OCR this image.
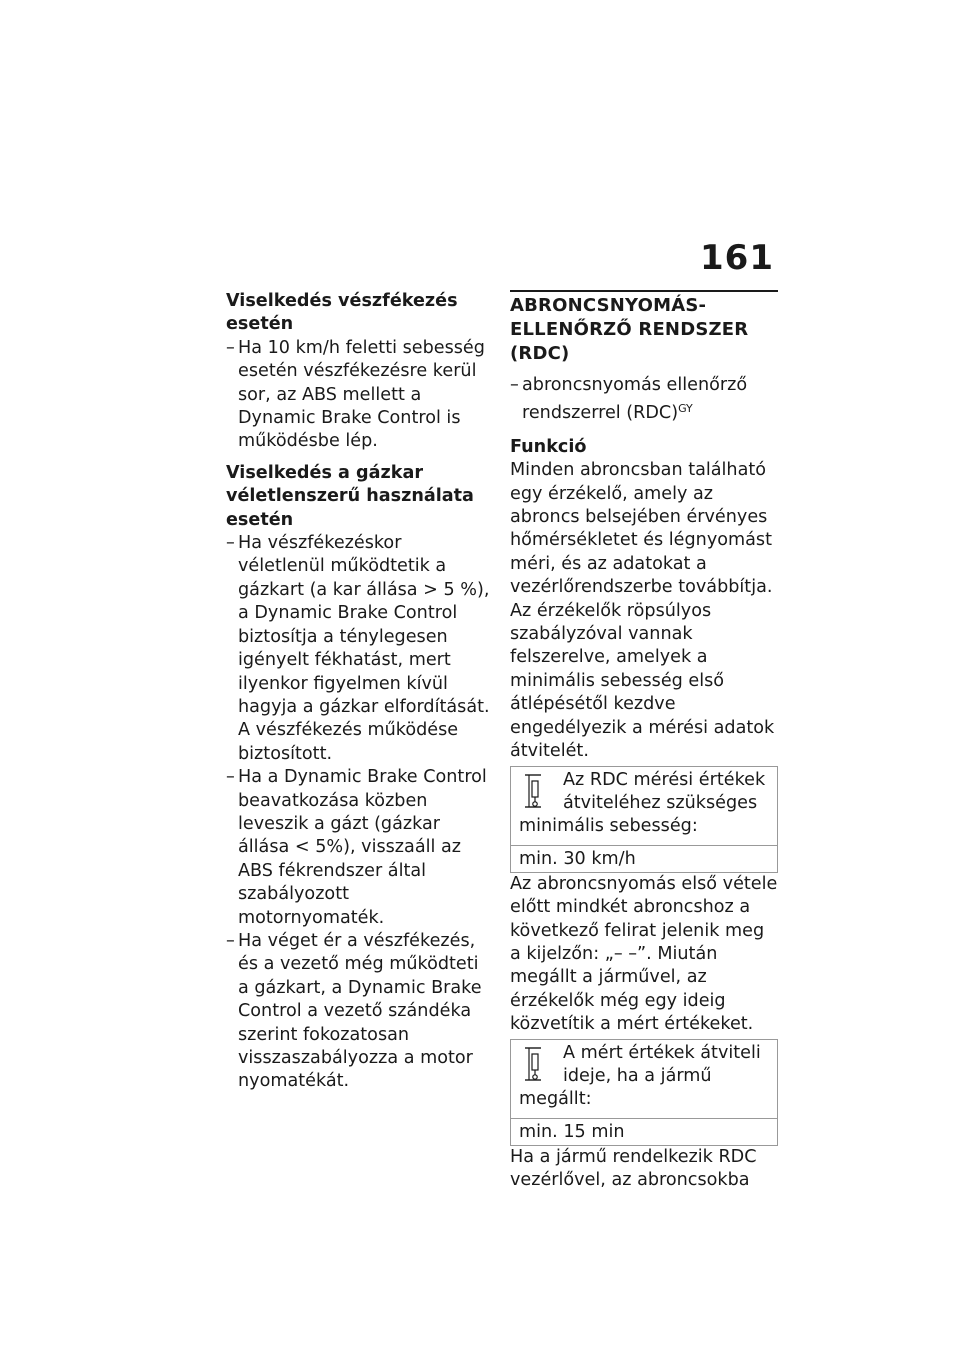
161
Viselkedés vészfékezés esetén

– Ha 10 km/h feletti sebesség esetén vészfékezésre kerül sor, az ABS mellett a Dynamic Brake Control is működésbe lép.

Viselkedés a gázkar véletlenszerű használata esetén

– Ha vészfékezéskor véletlenül működtetik a gázkart (a kar állása > 5 %), a Dynamic Brake Control biztosítja a ténylegesen igényelt fékhatást, mert ilyenkor figyelmen kívül hagyja a gázkar elfordítását. A vészfékezés működése biztosított.

– Ha a Dynamic Brake Control beavatkozása közben leveszik a gázt (gázkar állása < 5%), visszaáll az ABS fékrendszer által szabályozott motornyomaték.

– Ha véget ér a vészfékezés, és a vezető még működteti a gázkart, a Dynamic Brake Control a vezető szándéka szerint fokozatosan visszaszabályozza a motor nyomatékát.

ABRONCSNYOMÁS-ELLENŐRZŐ RENDSZER (RDC)

– abroncsnyomás ellenőrző rendszerrel (RDC)$^{GY}$

Funkció

Minden abroncsban található egy érzékelő, amely az abroncs belsejében érvényes hőmérsékletet és légnyomást méri, és az adatokat a vezérlőrendszerbe továbbítja.

Az érzékelők röpsúlyos szabályzóval vannak felszerelve, amelyek a minimális sebesség első átlépésétől kezdve engedélyezik a mérési adatok átvitelét.

Az RDC mérési értékek átviteléhez szükséges minimális sebesség:
min. 30 km/h

Az abroncsnyomás első vétele előtt mindkét abroncshoz a következő felirat jelenik meg a kijelzőn: „– –”. Miután megállt a járművel, az érzékelők még egy ideig közvetítik a mért értékeket.

A mért értékek átviteli ideje, ha a jármű megállt:
min. 15 min

Ha a jármű rendelkezik RDC vezérlővel, az abroncsokba
